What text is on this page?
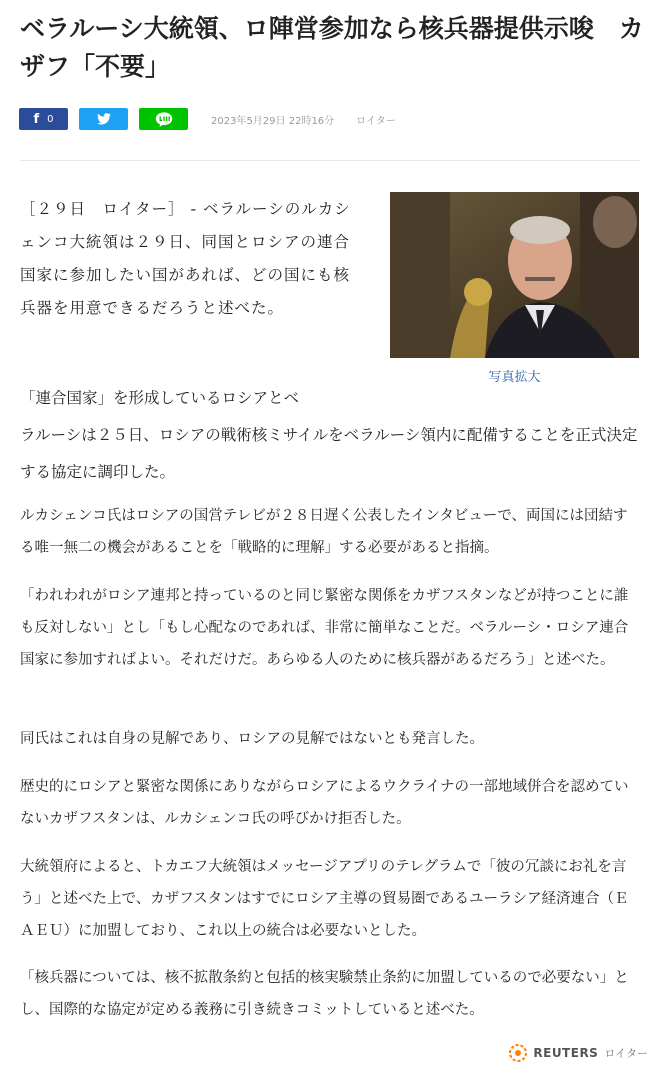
ベラルーシ大統領、ロ陣営参加なら核兵器提供示唆　カザフ「不要」
f 0	2023年5月29日 22時16分 ロイター
写真拡大

［２９日　ロイター］ - ベラルーシのルカシェンコ大統領は２９日、同国とロシアの連合国家に参加したい国があれば、どの国にも核兵器を用意できるだろうと述べた。

「連合国家」を形成しているロシアとベ
ラルーシは２５日、ロシアの戦術核ミサイルをベラルーシ領内に配備することを正式決定する協定に調印した。

ルカシェンコ氏はロシアの国営テレビが２８日遅く公表したインタビューで、両国には団結する唯一無二の機会があることを「戦略的に理解」する必要があると指摘。

「われわれがロシア連邦と持っているのと同じ緊密な関係をカザフスタンなどが持つことに誰も反対しない」とし「もし心配なのであれば、非常に簡単なことだ。ベラルーシ・ロシア連合国家に参加すればよい。それだけだ。あらゆる人のために核兵器があるだろう」と述べた。

同氏はこれは自身の見解であり、ロシアの見解ではないとも発言した。

歴史的にロシアと緊密な関係にありながらロシアによるウクライナの一部地域併合を認めていないカザフスタンは、ルカシェンコ氏の呼びかけ拒否した。

大統領府によると、トカエフ大統領はメッセージアプリのテレグラムで「彼の冗談にお礼を言う」と述べた上で、カザフスタンはすでにロシア主導の貿易圏であるユーラシア経済連合（ＥＡＥＵ）に加盟しており、これ以上の統合は必要ないとした。

「核兵器については、核不拡散条約と包括的核実験禁止条約に加盟しているので必要ない」とし、国際的な協定が定める義務に引き続きコミットしていると述べた。

REUTERS ロイター
